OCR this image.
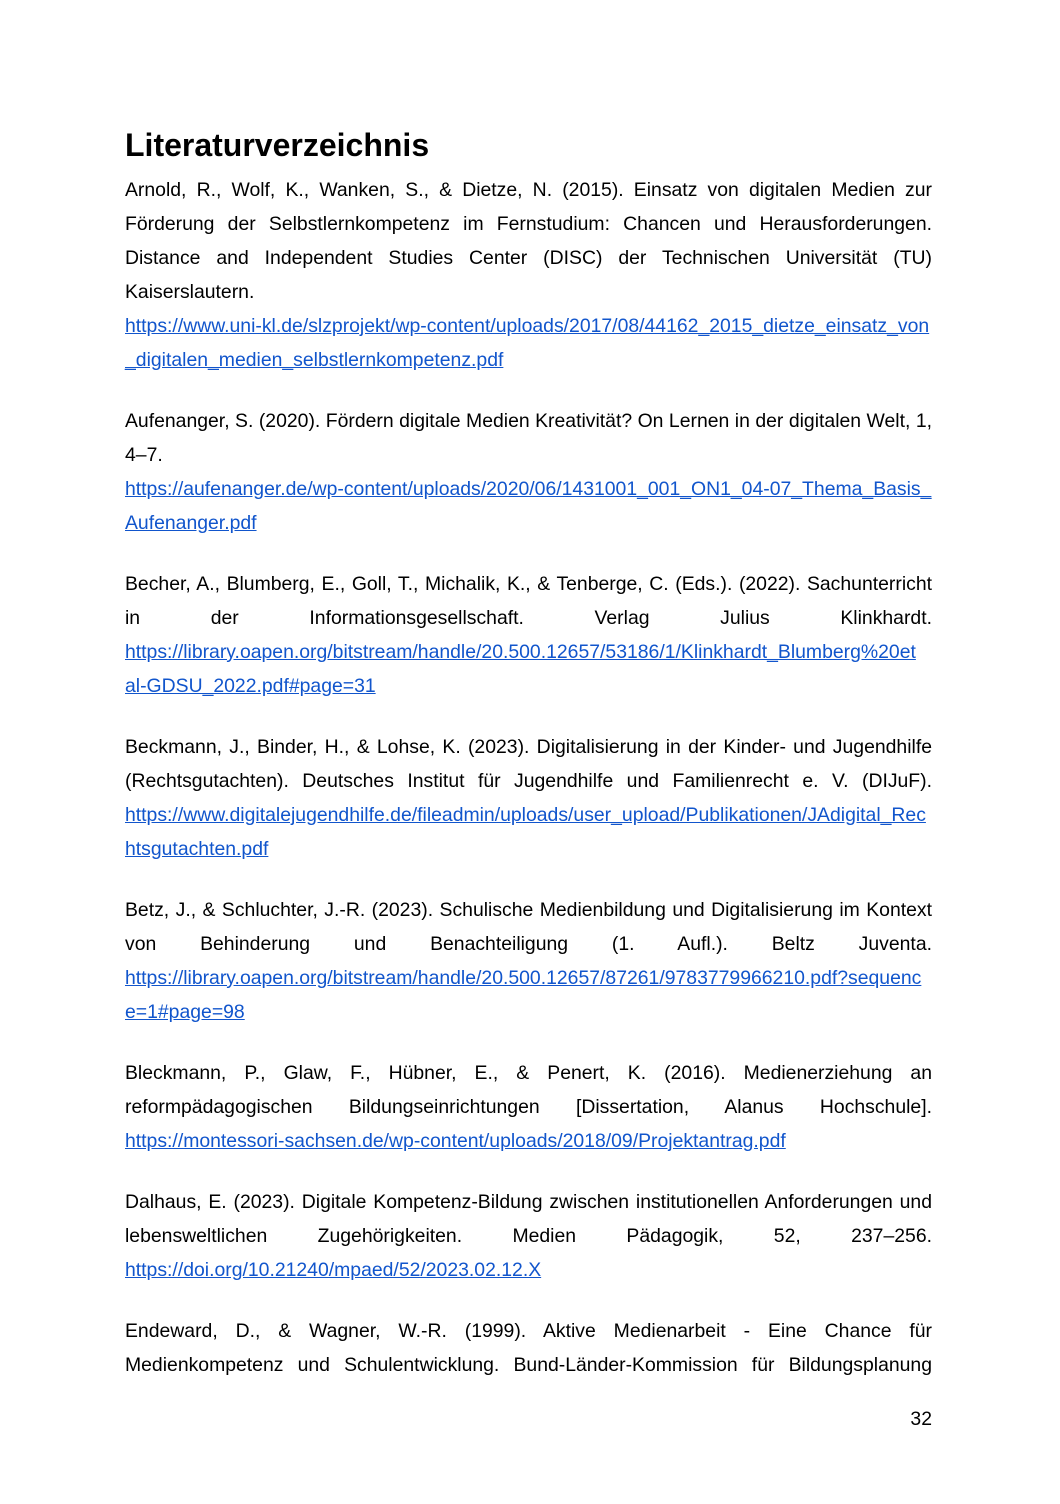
Literaturverzeichnis

Arnold, R., Wolf, K., Wanken, S., & Dietze, N. (2015). Einsatz von digitalen Medien zur Förderung der Selbstlernkompetenz im Fernstudium: Chancen und Herausforderungen. Distance and Independent Studies Center (DISC) der Technischen Universität (TU) Kaiserslautern.

https://www.uni-kl.de/slzprojekt/wp-content/uploads/2017/08/44162_2015_dietze_einsatz_von_digitalen_medien_selbstlernkompetenz.pdf

Aufenanger, S. (2020). Fördern digitale Medien Kreativität? On Lernen in der digitalen Welt, 1, 4–7.

https://aufenanger.de/wp-content/uploads/2020/06/1431001_001_ON1_04-07_Thema_Basis_Aufenanger.pdf

Becher, A., Blumberg, E., Goll, T., Michalik, K., & Tenberge, C. (Eds.). (2022). Sachunterricht in der Informationsgesellschaft. Verlag Julius Klinkhardt.

https://library.oapen.org/bitstream/handle/20.500.12657/53186/1/Klinkhardt_Blumberg%20et al-GDSU_2022.pdf#page=31

Beckmann, J., Binder, H., & Lohse, K. (2023). Digitalisierung in der Kinder- und Jugendhilfe (Rechtsgutachten). Deutsches Institut für Jugendhilfe und Familienrecht e. V. (DIJuF).

https://www.digitalejugendhilfe.de/fileadmin/uploads/user_upload/Publikationen/JAdigital_Rechtsgutachten.pdf

Betz, J., & Schluchter, J.-R. (2023). Schulische Medienbildung und Digitalisierung im Kontext von Behinderung und Benachteiligung (1. Aufl.). Beltz Juventa.

https://library.oapen.org/bitstream/handle/20.500.12657/87261/9783779966210.pdf?sequence=1#page=98

Bleckmann, P., Glaw, F., Hübner, E., & Penert, K. (2016). Medienerziehung an reformpädagogischen Bildungseinrichtungen [Dissertation, Alanus Hochschule].

https://montessori-sachsen.de/wp-content/uploads/2018/09/Projektantrag.pdf

Dalhaus, E. (2023). Digitale Kompetenz-Bildung zwischen institutionellen Anforderungen und lebensweltlichen Zugehörigkeiten. Medien Pädagogik, 52, 237–256.

https://doi.org/10.21240/mpaed/52/2023.02.12.X

Endeward, D., & Wagner, W.-R. (1999). Aktive Medienarbeit - Eine Chance für Medienkompetenz und Schulentwicklung. Bund-Länder-Kommission für Bildungsplanung

32
